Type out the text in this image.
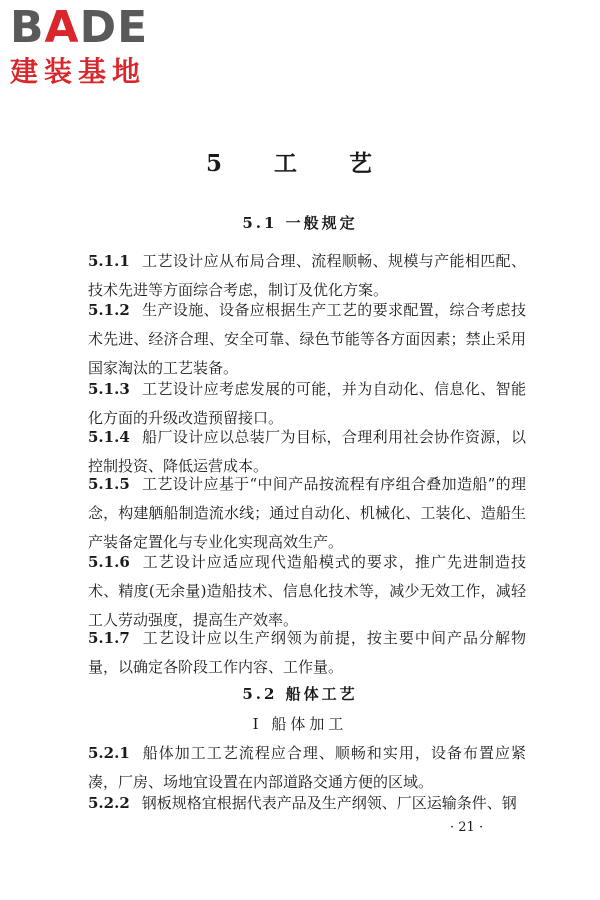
BADE
建装基地
5 工 艺
5.1 一般规定

5.1.1 工艺设计应从布局合理、流程顺畅、规模与产能相匹配、技术先进等方面综合考虑，制订及优化方案。

5.1.2 生产设施、设备应根据生产工艺的要求配置，综合考虑技术先进、经济合理、安全可靠、绿色节能等各方面因素；禁止采用国家淘汰的工艺装备。

5.1.3 工艺设计应考虑发展的可能，并为自动化、信息化、智能化方面的升级改造预留接口。

5.1.4 船厂设计应以总装厂为目标，合理利用社会协作资源，以控制投资、降低运营成本。

5.1.5 工艺设计应基于“中间产品按流程有序组合叠加造船”的理念，构建舾船制造流水线；通过自动化、机械化、工装化、造船生产装备定置化与专业化实现高效生产。

5.1.6 工艺设计应适应现代造船模式的要求，推广先进制造技术、精度(无余量)造船技术、信息化技术等，减少无效工作，减轻工人劳动强度，提高生产效率。

5.1.7 工艺设计应以生产纲领为前提，按主要中间产品分解物量，以确定各阶段工作内容、工作量。

5.2 船体工艺
Ⅰ 船体加工

5.2.1 船体加工工艺流程应合理、顺畅和实用，设备布置应紧凑，厂房、场地宜设置在内部道路交通方便的区域。

5.2.2 钢板规格宜根据代表产品及生产纲领、厂区运输条件、钢

· 21 ·
